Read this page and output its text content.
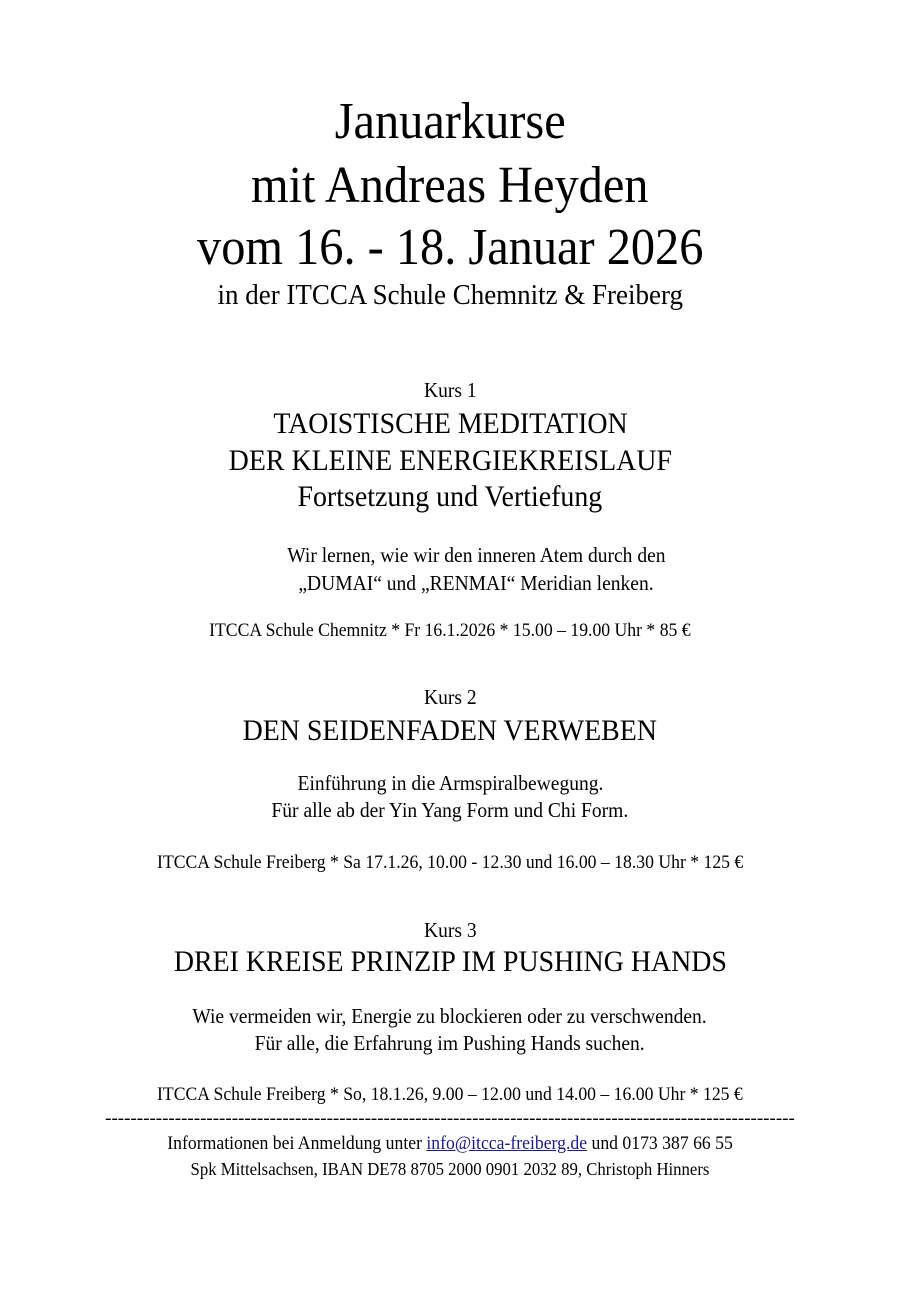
Januarkurse
mit Andreas Heyden
vom 16. - 18. Januar 2026
in der ITCCA Schule Chemnitz & Freiberg
Kurs 1
TAOISTISCHE MEDITATION
DER KLEINE ENERGIEKREISLAUF
Fortsetzung und Vertiefung
Wir lernen, wie wir den inneren Atem durch den
„DUMAI“ und „RENMAI“ Meridian lenken.
ITCCA Schule Chemnitz * Fr 16.1.2026 * 15.00 – 19.00 Uhr * 85 €
Kurs 2
DEN SEIDENFADEN VERWEBEN
Einführung in die Armspiralbewegung.
Für alle ab der Yin Yang Form und Chi Form.
ITCCA Schule Freiberg * Sa 17.1.26, 10.00 - 12.30 und 16.00 – 18.30 Uhr * 125 €
Kurs 3
DREI KREISE PRINZIP IM PUSHING HANDS
Wie vermeiden wir, Energie zu blockieren oder zu verschwenden.
Für alle, die Erfahrung im Pushing Hands suchen.
ITCCA Schule Freiberg * So, 18.1.26, 9.00 – 12.00 und 14.00 – 16.00 Uhr * 125 €
-------------------------------------------------------------------------------------------------------------
Informationen bei Anmeldung unter info@itcca-freiberg.de und 0173 387 66 55
Spk Mittelsachsen, IBAN DE78 8705 2000 0901 2032 89, Christoph Hinners
